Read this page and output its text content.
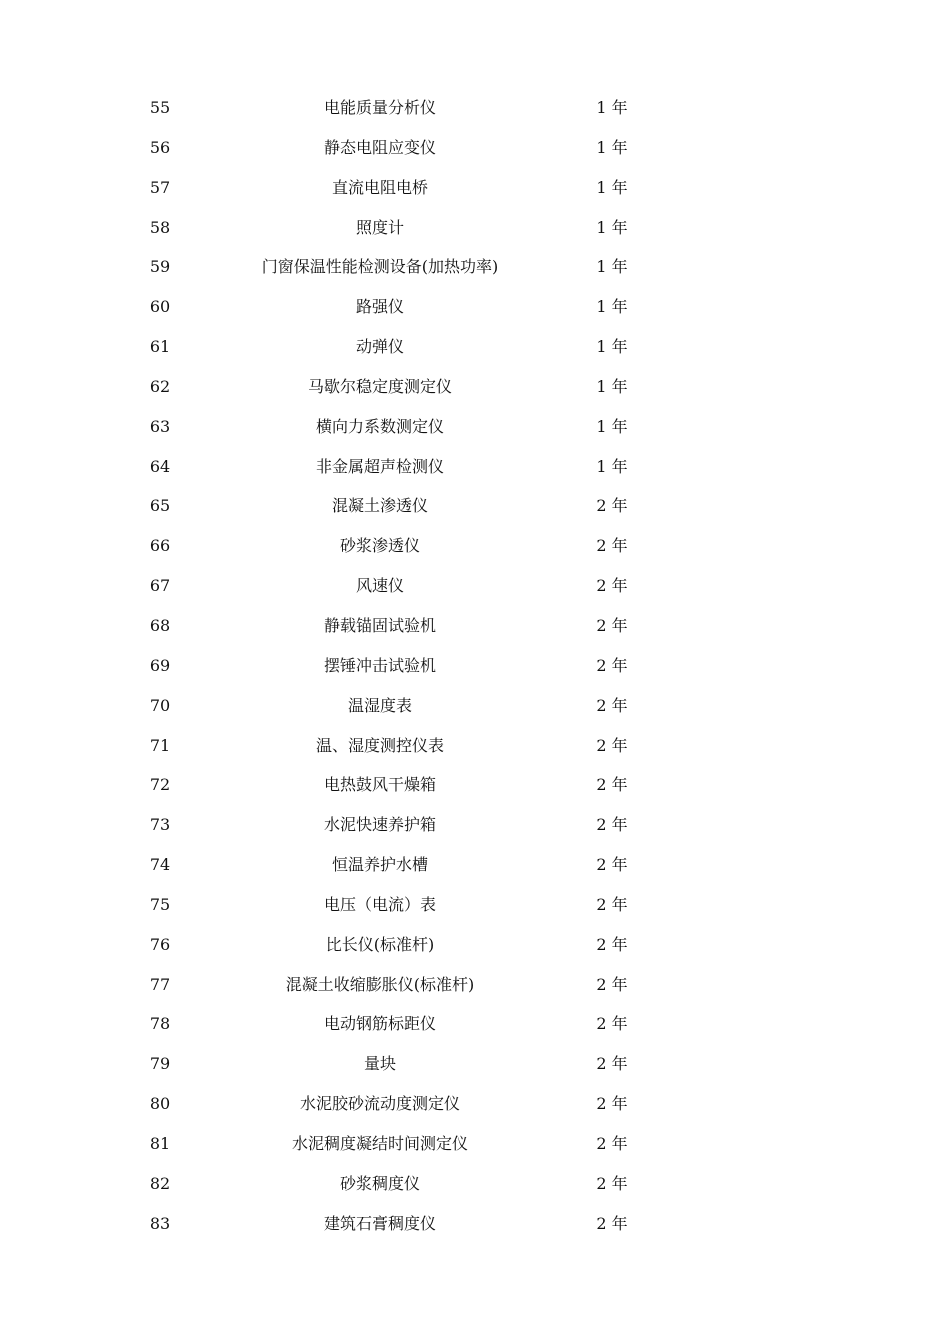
55	电能质量分析仪	1 年
56	静态电阻应变仪	1 年
57	直流电阻电桥	1 年
58	照度计	1 年
59	门窗保温性能检测设备(加热功率)	1 年
60	路强仪	1 年
61	动弹仪	1 年
62	马歇尔稳定度测定仪	1 年
63	横向力系数测定仪	1 年
64	非金属超声检测仪	1 年
65	混凝土渗透仪	2 年
66	砂浆渗透仪	2 年
67	风速仪	2 年
68	静载锚固试验机	2 年
69	摆锤冲击试验机	2 年
70	温湿度表	2 年
71	温、湿度测控仪表	2 年
72	电热鼓风干燥箱	2 年
73	水泥快速养护箱	2 年
74	恒温养护水槽	2 年
75	电压（电流）表	2 年
76	比长仪(标准杆)	2 年
77	混凝土收缩膨胀仪(标准杆)	2 年
78	电动钢筋标距仪	2 年
79	量块	2 年
80	水泥胶砂流动度测定仪	2 年
81	水泥稠度凝结时间测定仪	2 年
82	砂浆稠度仪	2 年
83	建筑石膏稠度仪	2 年
